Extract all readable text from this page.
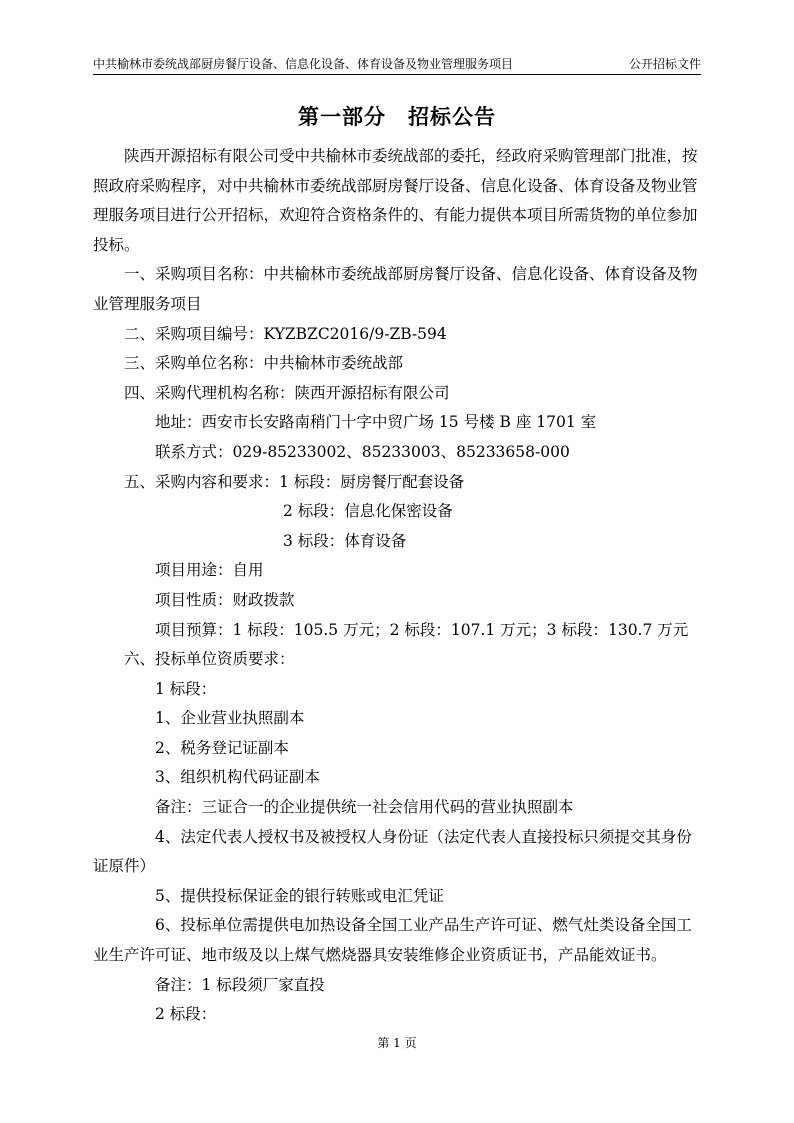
中共榆林市委统战部厨房餐厅设备、信息化设备、体育设备及物业管理服务项目	公开招标文件
第一部分　招标公告

陕西开源招标有限公司受中共榆林市委统战部的委托，经政府采购管理部门批准，按照政府采购程序，对中共榆林市委统战部厨房餐厅设备、信息化设备、体育设备及物业管理服务项目进行公开招标，欢迎符合资格条件的、有能力提供本项目所需货物的单位参加投标。

一、采购项目名称：中共榆林市委统战部厨房餐厅设备、信息化设备、体育设备及物业管理服务项目

二、采购项目编号：KYZBZC2016/9-ZB-594

三、采购单位名称：中共榆林市委统战部

四、采购代理机构名称：陕西开源招标有限公司

地址：西安市长安路南稍门十字中贸广场 15 号楼 B 座 1701 室

联系方式：029-85233002、85233003、85233658-000

五、采购内容和要求：1 标段：厨房餐厅配套设备

2 标段：信息化保密设备

3 标段：体育设备

项目用途：自用

项目性质：财政拨款

项目预算：1 标段：105.5 万元；2 标段：107.1 万元；3 标段：130.7 万元

六、投标单位资质要求：

1 标段：

1、企业营业执照副本

2、税务登记证副本

3、组织机构代码证副本

备注：三证合一的企业提供统一社会信用代码的营业执照副本

4、法定代表人授权书及被授权人身份证（法定代表人直接投标只须提交其身份证原件）

5、提供投标保证金的银行转账或电汇凭证

6、投标单位需提供电加热设备全国工业产品生产许可证、燃气灶类设备全国工业生产许可证、地市级及以上煤气燃烧器具安装维修企业资质证书，产品能效证书。

备注：1 标段须厂家直投

2 标段：

第 1 页
